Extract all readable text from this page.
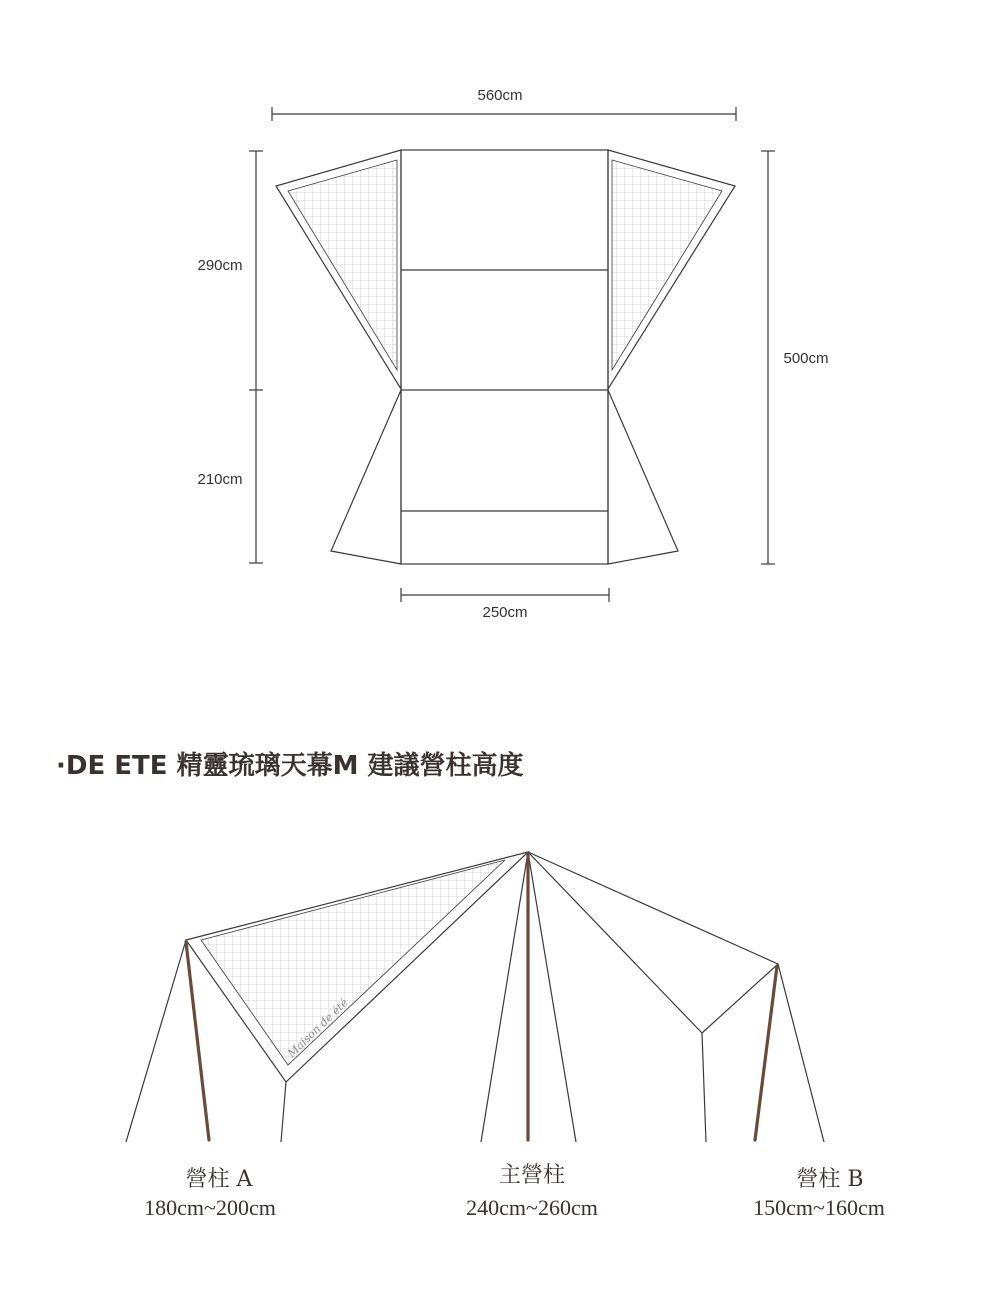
560cm
290cm
210cm
500cm
250cm
·DE ETE 精靈琉璃天幕M 建議營柱高度
Maison de été
營柱 A
180cm~200cm
主營柱
240cm~260cm
營柱 B
150cm~160cm
